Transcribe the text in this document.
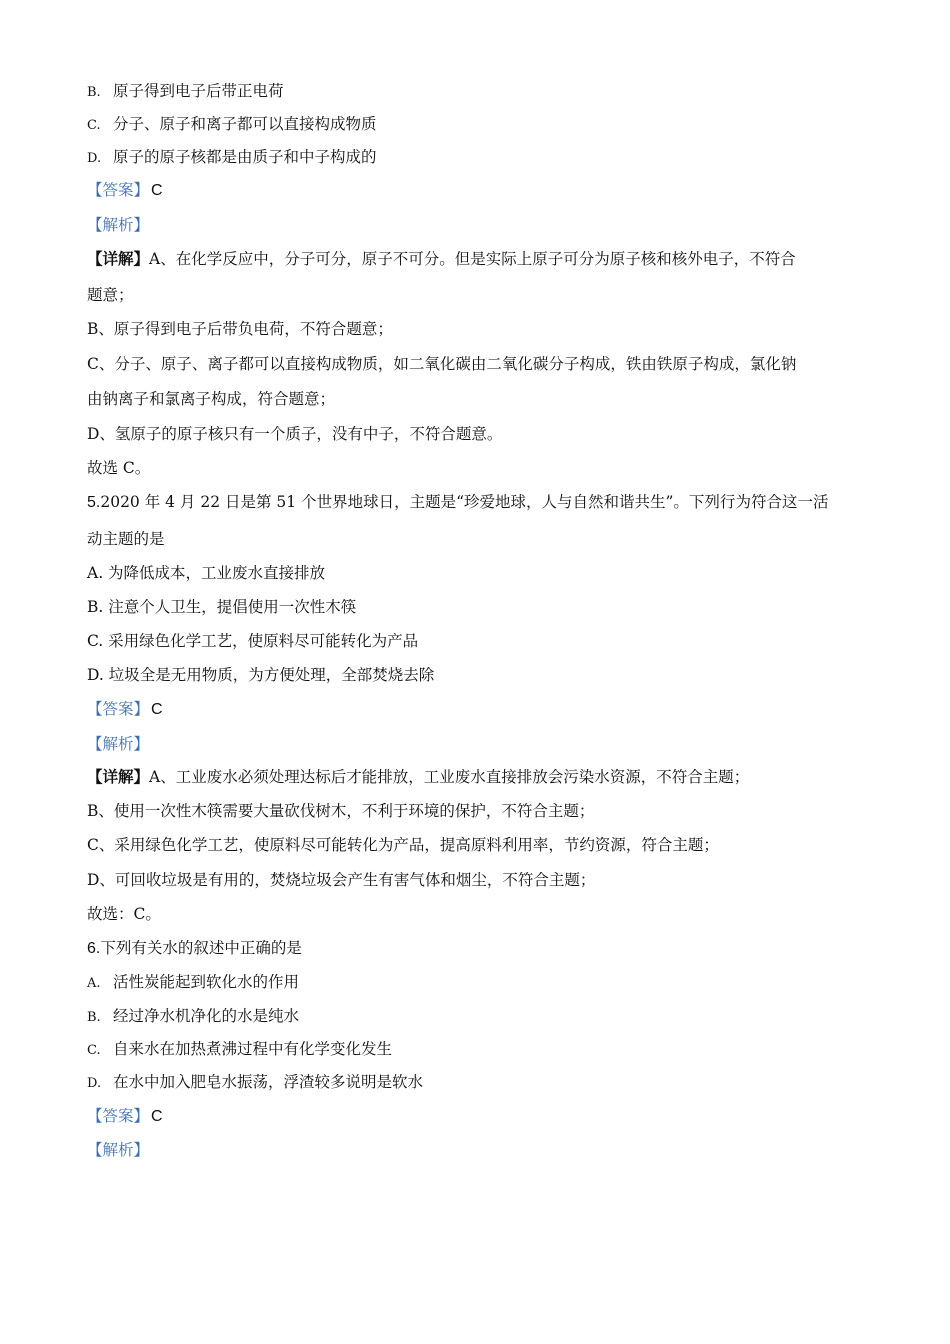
B. 原子得到电子后带正电荷
C. 分子、原子和离子都可以直接构成物质
D. 原子的原子核都是由质子和中子构成的
【答案】 C
【解析】
【详解】A、在化学反应中，分子可分，原子不可分。但是实际上原子可分为原子核和核外电子，不符合
题意；
B、原子得到电子后带负电荷，不符合题意；
C、分子、原子、离子都可以直接构成物质，如二氧化碳由二氧化碳分子构成，铁由铁原子构成，氯化钠
由钠离子和氯离子构成，符合题意；
D、氢原子的原子核只有一个质子，没有中子，不符合题意。
故选 C。
5.2020 年 4 月 22 日是第 51 个世界地球日，主题是“珍爱地球，人与自然和谐共生”。下列行为符合这一活
动主题的是
A. 为降低成本，工业废水直接排放
B. 注意个人卫生，提倡使用一次性木筷
C. 采用绿色化学工艺，使原料尽可能转化为产品
D. 垃圾全是无用物质，为方便处理，全部焚烧去除
【答案】 C
【解析】
【详解】A、工业废水必须处理达标后才能排放，工业废水直接排放会污染水资源，不符合主题；
B、使用一次性木筷需要大量砍伐树木，不利于环境的保护，不符合主题；
C、采用绿色化学工艺，使原料尽可能转化为产品，提高原料利用率，节约资源，符合主题；
D、可回收垃圾是有用的，焚烧垃圾会产生有害气体和烟尘，不符合主题；
故选：C。
6.下列有关水的叙述中正确的是
A. 活性炭能起到软化水的作用
B. 经过净水机净化的水是纯水
C. 自来水在加热煮沸过程中有化学变化发生
D. 在水中加入肥皂水振荡，浮渣较多说明是软水
【答案】 C
【解析】
